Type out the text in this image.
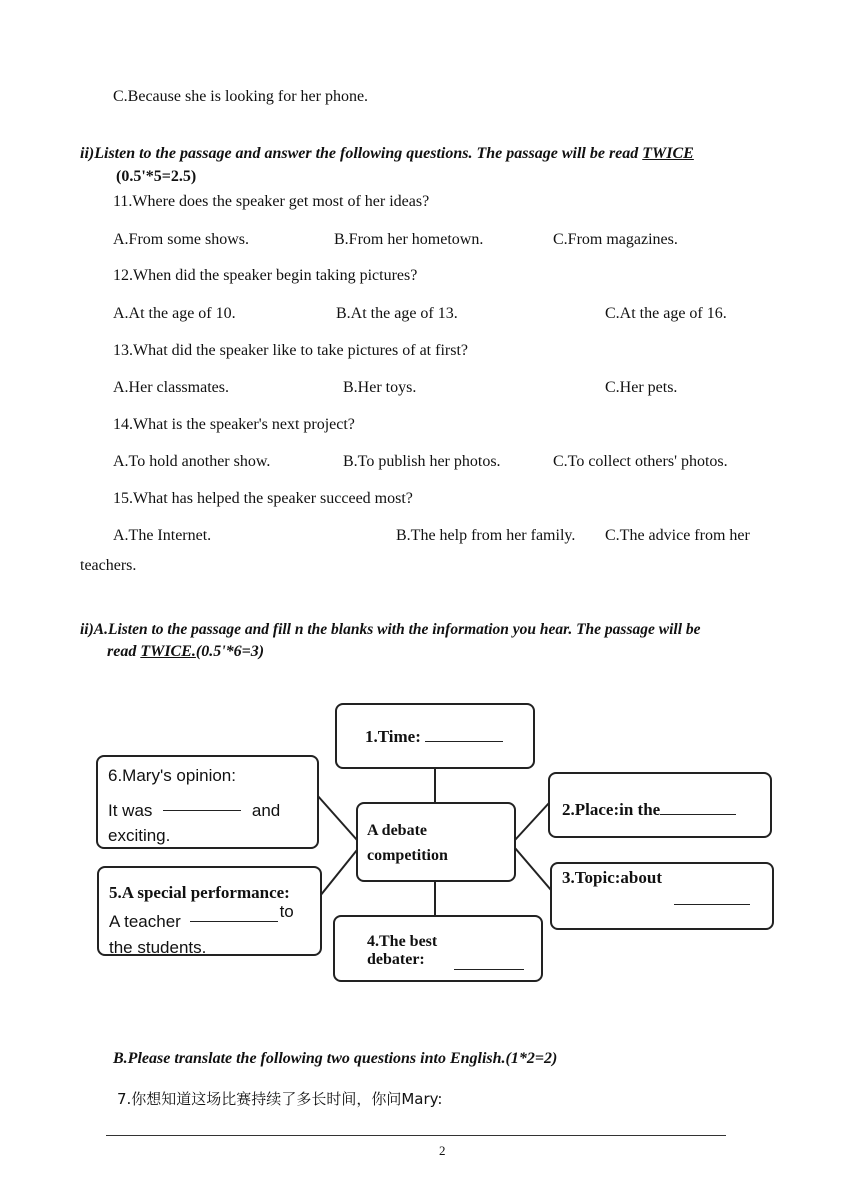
C.Because she is looking for her phone.
ii)Listen to the passage and answer the following questions. The passage will be read TWICE
(0.5'*5=2.5)
11.Where does the speaker get most of her ideas?
A.From some shows.	B.From her hometown.	C.From magazines.
12.When did the speaker begin taking pictures?
A.At the age of 10.	B.At the age of 13.	C.At the age of 16.
13.What did the speaker like to take pictures of at first?
A.Her classmates.	B.Her toys.	C.Her pets.
14.What is the speaker's next project?
A.To hold another show.	B.To publish her photos.	C.To collect others' photos.
15.What has helped the speaker succeed most?
A.The Internet.	B.The help from her family. C.The advice from her
teachers.
ii)A.Listen to the passage and fill n the blanks with the information you hear. The passage will be
read TWICE.(0.5'*6=3)
A debate
competition
1.Time:
2.Place:in the
3.Topic:about
4.The best
debater:
6.Mary's opinion:
It was	and
exciting.
5.A special performance:
A teacher to
the students.
B.Please translate the following two questions into English.(1*2=2)
7.你想知道这场比赛持续了多长时间，你问Mary:
2
